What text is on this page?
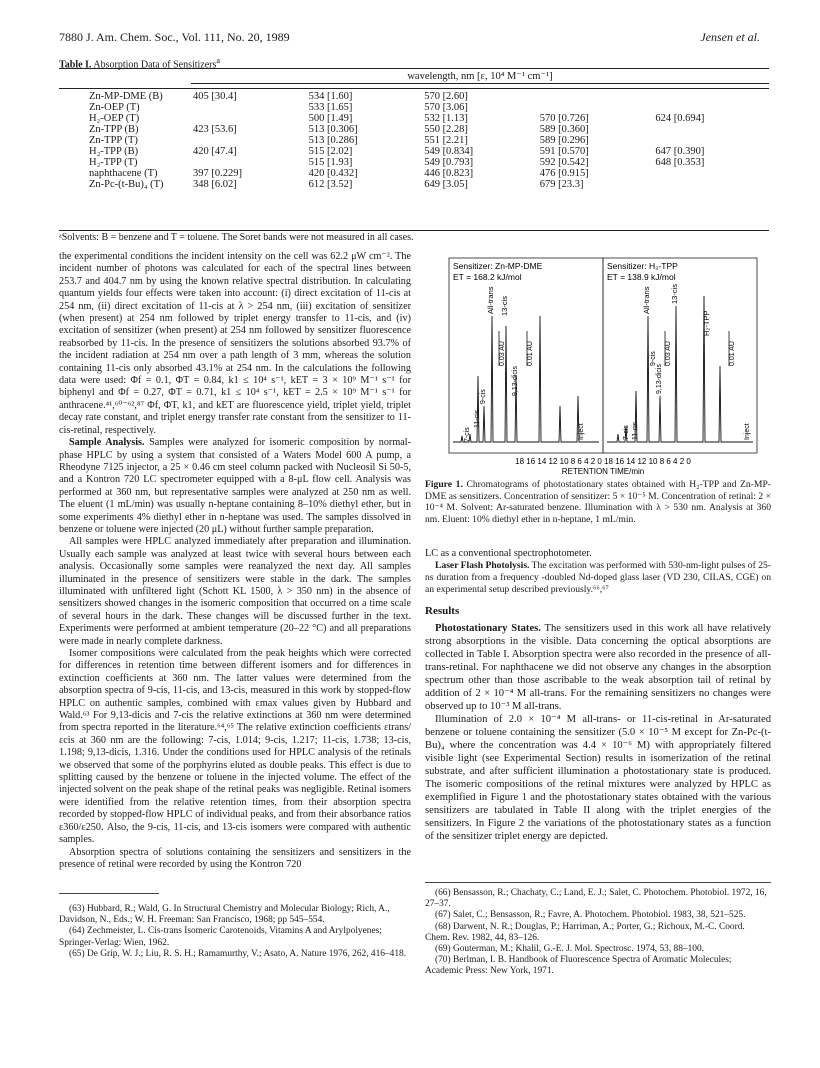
7880 J. Am. Chem. Soc., Vol. 111, No. 20, 1989	Jensen et al.
Table I. Absorption Data of Sensitizers$^a$
	wavelength, nm [ε, 10⁴ M⁻¹ cm⁻¹]				

Zn-MP-DME (B)	405 [30.4]	534 [1.60]	570 [2.60]		
Zn-OEP (T)		533 [1.65]	570 [3.06]		
H₂-OEP (T)		500 [1.49]	532 [1.13]	570 [0.726]	624 [0.694]
Zn-TPP (B)	423 [53.6]	513 [0.306]	550 [2.28]	589 [0.360]	
Zn-TPP (T)		513 [0.286]	551 [2.21]	589 [0.296]	
H₂-TPP (B)	420 [47.4]	515 [2.02]	549 [0.834]	591 [0.570]	647 [0.390]
H₂-TPP (T)		515 [1.93]	549 [0.793]	592 [0.542]	648 [0.353]
naphthacene (T)	397 [0.229]	420 [0.432]	446 [0.823]	476 [0.915]	
Zn-Pc-(t-Bu)₄ (T)	348 [6.02]	612 [3.52]	649 [3.05]	679 [23.3]	
ᵃSolvents: B = benzene and T = toluene. The Soret bands were not measured in all cases.

the experimental conditions the incident intensity on the cell was 62.2 μW cm⁻². The incident number of photons was calculated for each of the spectral lines between 253.7 and 404.7 nm by using the known relative spectral distribution. In calculating quantum yields four effects were taken into account: (i) direct excitation of 11-cis at 254 nm, (ii) direct excitation of 11-cis at λ > 254 nm, (iii) excitation of sensitizer (when present) at 254 nm followed by triplet energy transfer to 11-cis, and (iv) excitation of sensitizer (when present) at 254 nm followed by sensitizer fluorescence reabsorbed by 11-cis. In the presence of sensitizers the solutions absorbed 93.7% of the incident radiation at 254 nm over a path length of 3 mm, whereas the solution containing 11-cis only absorbed 43.1% at 254 nm. In the calculations the following data were used: Φf = 0.1, ΦT = 0.84, k1 ≤ 10⁴ s⁻¹, kET = 3 × 10⁹ M⁻¹ s⁻¹ for biphenyl and Φf = 0.27, ΦT = 0.71, k1 ≤ 10⁴ s⁻¹, kET = 2.5 × 10⁹ M⁻¹ s⁻¹ for anthracene.⁴¹,⁶⁰⁻⁶²,⁸⁷ Φf, ΦT, k1, and kET are fluorescence yield, triplet yield, triplet decay rate constant, and triplet energy transfer rate constant from the sensitizer to 11-cis-retinal, respectively.

Sample Analysis. Samples were analyzed for isomeric composition by normal-phase HPLC by using a system that consisted of a Waters Model 600 A pump, a Rheodyne 7125 injector, a 25 × 0.46 cm steel column packed with Nucleosil Si 50-5, and a Kontron 720 LC spectrometer equipped with a 8-μL flow cell. Analysis was performed at 360 nm, but representative samples were analyzed at 250 nm as well. The eluent (1 mL/min) was usually n-heptane containing 8–10% diethyl ether, but in some experiments 4% diethyl ether in n-heptane was used. The samples dissolved in benzene or toluene were injected (20 μL) without further sample preparation.

All samples were HPLC analyzed immediately after preparation and illumination. Usually each sample was analyzed at least twice with several hours between each analysis. Occasionally some samples were reanalyzed the next day. All samples illuminated in the presence of sensitizers were stable in the dark. The samples illuminated with unfiltered light (Schott KL 1500, λ > 350 nm) in the absence of sensitizers showed changes in the isomeric composition that occurred on a time scale of several hours in the dark. These changes will be discussed further in the text. Experiments were performed at ambient temperature (20–22 °C) and all preparations were made in nearly complete darkness.

Isomer compositions were calculated from the peak heights which were corrected for differences in retention time between different isomers and for differences in extinction coefficients at 360 nm. The latter values were determined from the absorption spectra of 9-cis, 11-cis, and 13-cis, measured in this work by stopped-flow HPLC on authentic samples, combined with εmax values given by Hubbard and Wald.⁶³ For 9,13-dicis and 7-cis the relative extinctions at 360 nm were determined from spectra reported in the literature.⁶⁴,⁶⁵ The relative extinction coefficients εtrans/εcis at 360 nm are the following: 7-cis, 1.014; 9-cis, 1.217; 11-cis, 1.738; 13-cis, 1.198; 9,13-dicis, 1.316. Under the conditions used for HPLC analysis of the retinals we observed that some of the porphyrins eluted as double peaks. This effect is due to splitting caused by the benzene or toluene in the injected volume. The effect of the injected solvent on the peak shape of the retinal peaks was negligible. Retinal isomers were identified from the relative retention times, from their absorption spectra recorded by stopped-flow HPLC of individual peaks, and from their absorbance ratios ε360/ε250. Also, the 9-cis, 11-cis, and 13-cis isomers were compared with authentic samples.

Absorption spectra of solutions containing the sensitizers and sensitizers in the presence of retinal were recorded by using the Kontron 720

(63) Hubbard, R.; Wald, G. In Structural Chemistry and Molecular Biology; Rich, A., Davidson, N., Eds.; W. H. Freeman: San Francisco, 1968; pp 545–554.

(64) Zechmeister, L. Cis-trans Isomeric Carotenoids, Vitamins A and Arylpolyenes; Springer-Verlag: Wien, 1962.

(65) De Grip, W. J.; Liu, R. S. H.; Ramamurthy, V.; Asato, A. Nature 1976, 262, 416–418.

Sensitizer: Zn-MP-DME
ET = 168.2 kJ/mol
Sensitizer: H₂-TPP
ET = 138.9 kJ/mol
All-trans 13-cis
9,13-dicis
9-cis
11-cis
7-cis	Inject
All-trans	13-cis
9,13-dicis
9-cis
11-cis
7-cis
H₂-TPP
Inject
0.03 AU	0.01 AU	0.03 AU	0.01 AU
18 16 14 12 10 8 6 4 2 0 18 16 14 12 10 8 6 4 2 0
RETENTION TIME/min
Figure 1. Chromatograms of photostationary states obtained with H₂-TPP and Zn-MP-DME as sensitizers. Concentration of sensitizer: 5 × 10⁻⁵ M. Concentration of retinal: 2 × 10⁻⁴ M. Solvent: Ar-saturated benzene. Illumination with λ > 530 nm. Analysis at 360 nm. Eluent: 10% diethyl ether in n-heptane, 1 mL/min.

LC as a conventional spectrophotometer.

Laser Flash Photolysis. The excitation was performed with 530-nm-light pulses of 25-ns duration from a frequency -doubled Nd-doped glass laser (VD 230, CILAS, CGE) on an experimental setup described previously.⁶⁶,⁶⁷

Results

Photostationary States. The sensitizers used in this work all have relatively strong absorptions in the visible. Data concerning the optical absorptions are collected in Table I. Absorption spectra were also recorded in the presence of all-trans-retinal. For naphthacene we did not observe any changes in the absorption spectrum other than those ascribable to the weak absorption tail of retinal by addition of 2 × 10⁻⁴ M all-trans. For the remaining sensitizers no changes were observed up to 10⁻³ M all-trans.

Illumination of 2.0 × 10⁻⁴ M all-trans- or 11-cis-retinal in Ar-saturated benzene or toluene containing the sensitizer (5.0 × 10⁻⁵ M except for Zn-Pc-(t-Bu)₄ where the concentration was 4.4 × 10⁻⁶ M) with appropriately filtered visible light (see Experimental Section) results in isomerization of the retinal substrate, and after sufficient illumination a photostationary state is produced. The isomeric compositions of the retinal mixtures were analyzed by HPLC as exemplified in Figure 1 and the photostationary states obtained with the various sensitizers are tabulated in Table II along with the triplet energies of the sensitizers. In Figure 2 the variations of the photostationary states as a function of the sensitizer triplet energy are depicted.

(66) Bensasson, R.; Chachaty, C.; Land, E. J.; Salet, C. Photochem. Photobiol. 1972, 16, 27–37.

(67) Salet, C.; Bensasson, R.; Favre, A. Photochem. Photobiol. 1983, 38, 521–525.

(68) Darwent, N. R.; Douglas, P.; Harriman, A.; Porter, G.; Richoux, M.-C. Coord. Chem. Rev. 1982, 44, 83–126.

(69) Gouterman, M.; Khalil, G.-E. J. Mol. Spectrosc. 1974, 53, 88–100.

(70) Berlman, I. B. Handbook of Fluorescence Spectra of Aromatic Molecules; Academic Press: New York, 1971.
